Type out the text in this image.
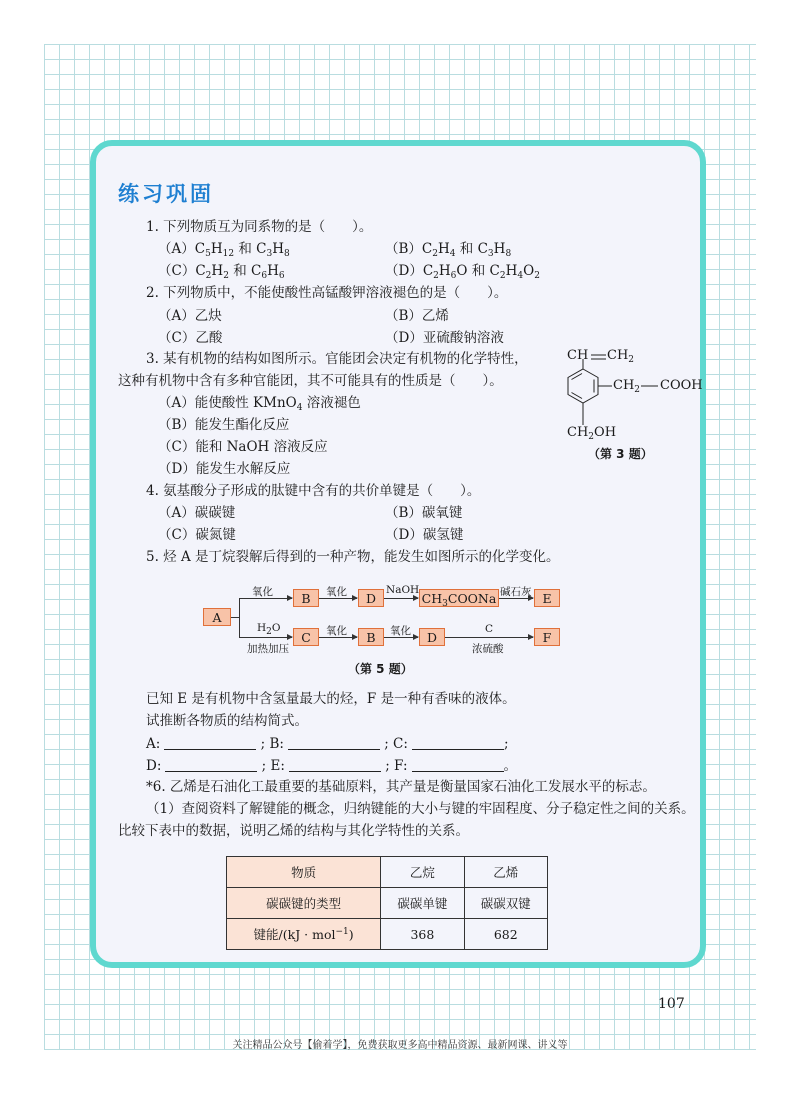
练习巩固
1. 下列物质互为同系物的是（　　）。
$(A)C_5H_{12}$ 和 $C_3H_8$	$(B)C_2H_4$ 和 $C_3H_8$
$(C)C_2H_2$ 和 $C_6H_6$	$(D)C_2H_6O$ 和 $C_2H_4O_2$
2. 下列物质中，不能使酸性高锰酸钾溶液褪色的是（　　）。
（A）乙炔	（B）乙烯
（C）乙酸	（D）亚硫酸钠溶液
3. 某有机物的结构如图所示。官能团会决定有机物的化学特性，
这种有机物中含有多种官能团，其不可能具有的性质是（　　）。
（A）能使酸性 KMnO$_4$ 溶液褪色
（B）能发生酯化反应
（C）能和 NaOH 溶液反应
（D）能发生水解反应
CH $CH_2$
$CH_2$ COOH
$CH_2OH$
（第 3 题）
4. 氨基酸分子形成的肽键中含有的共价单键是（　　）。
（A）碳碳键	（B）碳氧键
（C）碳氮键	（D）碳氢键
5. 烃 A 是丁烷裂解后得到的一种产物，能发生如图所示的化学变化。
A
氧化	B	氧化	D
NaOH
$CH_3COONa$ 碱石灰 E
$H_2O$
加热加压
C	氧化	B	氧化	D
C
浓硫酸
F
（第 5 题）
已知 E 是有机物中含氢量最大的烃，F 是一种有香味的液体。
试推断各物质的结构简式。
A:	; B:	; C:	;
D:	; E:	; F:	。
*6. 乙烯是石油化工最重要的基础原料，其产量是衡量国家石油化工发展水平的标志。
（1）查阅资料了解键能的概念，归纳键能的大小与键的牢固程度、分子稳定性之间的关系。
比较下表中的数据，说明乙烯的结构与其化学特性的关系。
物质	乙烷	乙烯
碳碳键的类型	碳碳单键	碳碳双键
键能/(kJ · mol$^{-1}$)	368	682
107
关注精品公众号【偷着学】，免费获取更多高中精品资源、最新网课、讲义等
